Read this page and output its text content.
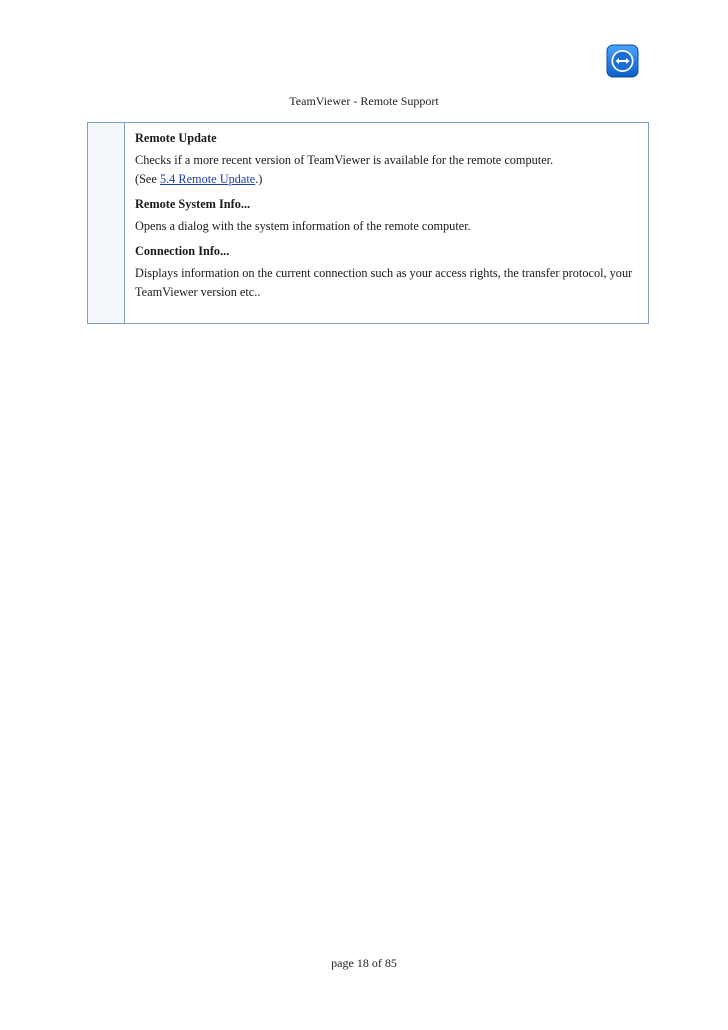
TeamViewer - Remote Support

Remote Update

Checks if a more recent version of TeamViewer is available for the remote computer.
(See 5.4 Remote Update.)

Remote System Info...

Opens a dialog with the system information of the remote computer.

Connection Info...

Displays information on the current connection such as your access rights, the transfer protocol, your TeamViewer version etc..

page 18 of 85
